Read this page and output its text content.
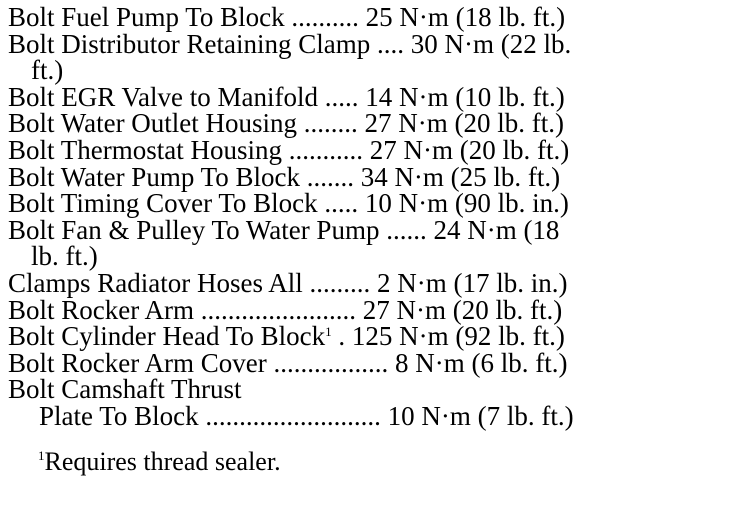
Bolt Fuel Pump To Block .......... 25 N·m (18 lb. ft.)
Bolt Distributor Retaining Clamp .... 30 N·m (22 lb.
ft.)
Bolt EGR Valve to Manifold ..... 14 N·m (10 lb. ft.)
Bolt Water Outlet Housing ........ 27 N·m (20 lb. ft.)
Bolt Thermostat Housing ........... 27 N·m (20 lb. ft.)
Bolt Water Pump To Block ....... 34 N·m (25 lb. ft.)
Bolt Timing Cover To Block ..... 10 N·m (90 lb. in.)
Bolt Fan & Pulley To Water Pump ...... 24 N·m (18
lb. ft.)
Clamps Radiator Hoses All ......... 2 N·m (17 lb. in.)
Bolt Rocker Arm ....................... 27 N·m (20 lb. ft.)
Bolt Cylinder Head To Block$^1$ . 125 N·m (92 lb. ft.)
Bolt Rocker Arm Cover ................. 8 N·m (6 lb. ft.)
Bolt Camshaft Thrust
Plate To Block .......................... 10 N·m (7 lb. ft.)
$^1$Requires thread sealer.
